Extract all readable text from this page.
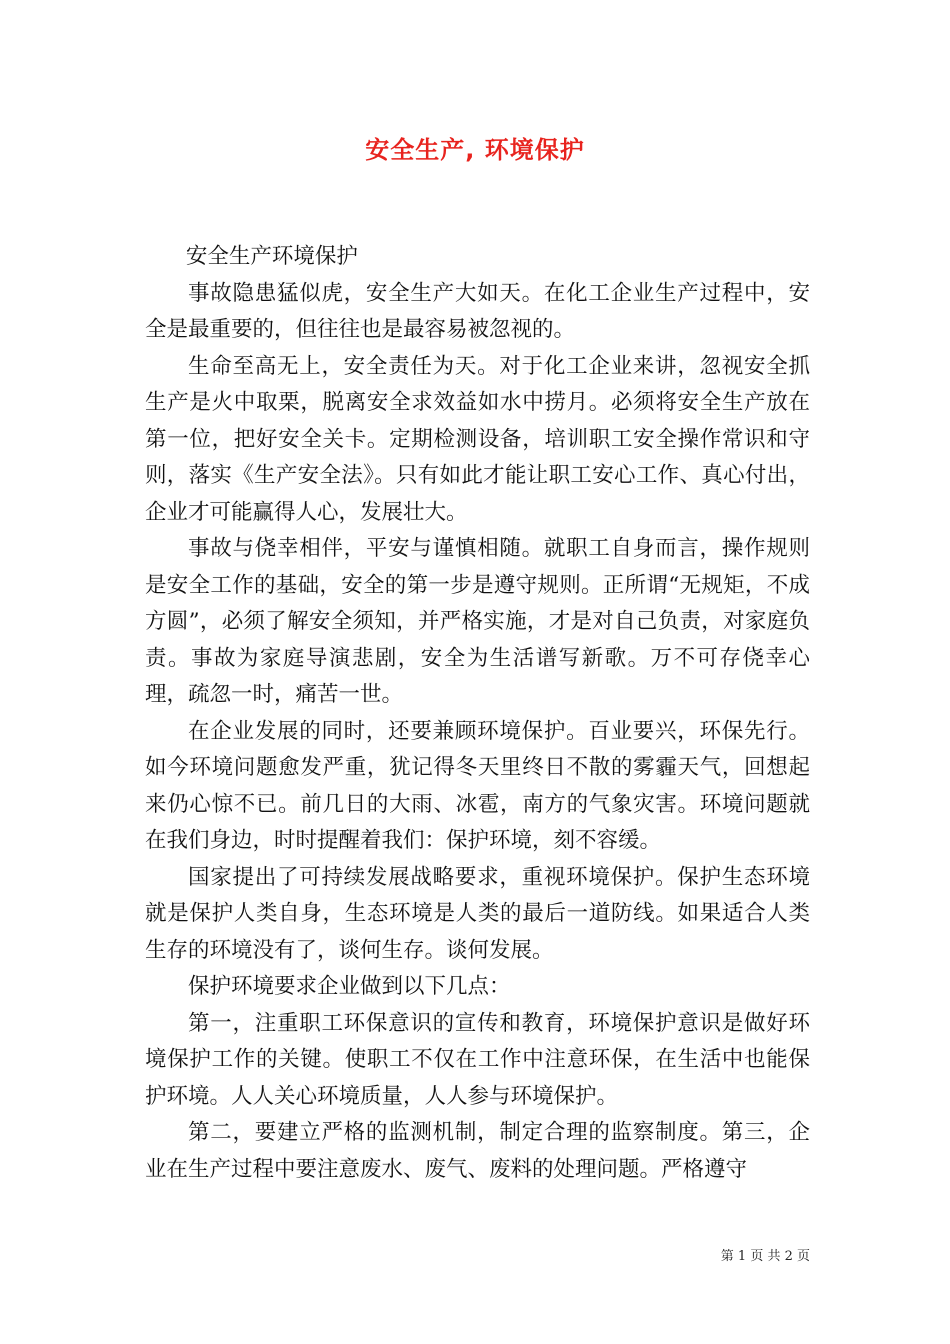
安全生产, 环境保护

安全生产环境保护

事故隐患猛似虎，安全生产大如天。在化工企业生产过程中，安全是最重要的，但往往也是最容易被忽视的。

生命至高无上，安全责任为天。对于化工企业来讲，忽视安全抓生产是火中取栗，脱离安全求效益如水中捞月。必须将安全生产放在第一位，把好安全关卡。定期检测设备，培训职工安全操作常识和守则，落实《生产安全法》。只有如此才能让职工安心工作、真心付出，企业才可能赢得人心，发展壮大。

事故与侥幸相伴，平安与谨慎相随。就职工自身而言，操作规则是安全工作的基础，安全的第一步是遵守规则。正所谓“无规矩，不成方圆”，必须了解安全须知，并严格实施，才是对自己负责，对家庭负责。事故为家庭导演悲剧，安全为生活谱写新歌。万不可存侥幸心理，疏忽一时，痛苦一世。

在企业发展的同时，还要兼顾环境保护。百业要兴，环保先行。如今环境问题愈发严重，犹记得冬天里终日不散的雾霾天气，回想起来仍心惊不已。前几日的大雨、冰雹，南方的气象灾害。环境问题就在我们身边，时时提醒着我们：保护环境，刻不容缓。

国家提出了可持续发展战略要求，重视环境保护。保护生态环境就是保护人类自身，生态环境是人类的最后一道防线。如果适合人类生存的环境没有了，谈何生存。谈何发展。

保护环境要求企业做到以下几点：

第一，注重职工环保意识的宣传和教育，环境保护意识是做好环境保护工作的关键。使职工不仅在工作中注意环保，在生活中也能保护环境。人人关心环境质量，人人参与环境保护。

第二，要建立严格的监测机制，制定合理的监察制度。第三，企业在生产过程中要注意废水、废气、废料的处理问题。严格遵守

第 1 页 共 2 页
